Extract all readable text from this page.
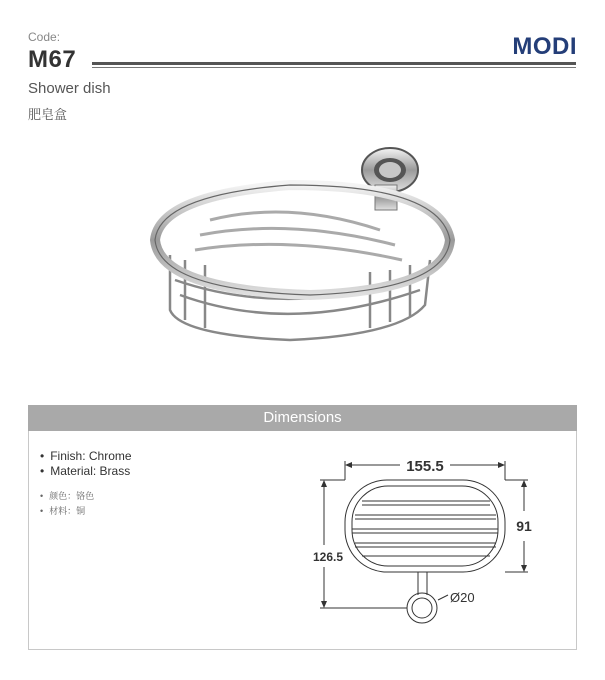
Code:
M67	MODI
Shower dish
肥皂盒
Dimensions
• Finish: Chrome
• Material: Brass
• 颜色：铬色
• 材料：铜
155.5
91
126.5
Ø20
